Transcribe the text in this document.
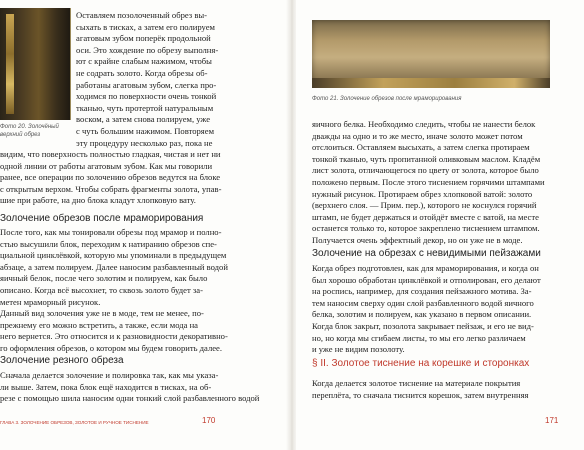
Фото 20. Золочёный
верхний обрез
Оставляем позолоченный обрез вы-
сыхать в тисках, а затем его полируем
агатовым зубом поперёк продольной
оси. Это хождение по обрезу выполня-
ют с крайне слабым нажимом, чтобы
не содрать золото. Когда обрезы об-
работаны агатовым зубом, слегка про-
ходимся по поверхности очень тонкой
тканью, чуть протертой натуральным
воском, а затем снова полируем, уже
с чуть большим нажимом. Повторяем
эту процедуру несколько раз, пока не
видим, что поверхность полностью гладкая, чистая и нет ни
одной линии от работы агатовым зубом. Как мы говорили
ранее, все операции по золочению обрезов ведутся на блоке
с открытым верхом. Чтобы собрать фрагменты золота, упав-
шие при работе, на дно блока кладут хлопковую вату.
Золочение обрезов после мраморирования
После того, как мы тонировали обрезы под мрамор и полно-
стью высушили блок, переходим к натиранию обрезов спе-
циальной цинклёвкой, которую мы упоминали в предыдущем
абзаце, а затем полируем. Далее наносим разбавленный водой
яичный белок, после чего золотим и полируем, как было
описано. Когда всё высохнет, то сквозь золото будет за-
метен мраморный рисунок.
Данный вид золочения уже не в моде, тем не менее, по-
прежнему его можно встретить, а также, если мода на
него вернется. Это относится и к разновидности декоративно-
го оформления обрезов, о котором мы будем говорить далее.
Золочение резного обреза
Сначала делается золочение и полировка так, как мы указа-
ли выше. Затем, пока блок ещё находится в тисках, на об-
резе с помощью шила наносим одни тонкий слой разбавленного водой
ГЛАВА 3. ЗОЛОЧЕНИЕ ОБРЕЗОВ, ЗОЛОТОЕ И РУЧНОЕ ТИСНЕНИЕ	170
Фото 21. Золочение обрезов после мраморирования
яичного белка. Необходимо следить, чтобы не нанести белок
дважды на одно и то же место, иначе золото может потом
отслоиться. Оставляем высыхать, а затем слегка протираем
тонкой тканью, чуть пропитанной оливковым маслом. Кладём
лист золота, отличающегося по цвету от золота, которое было
положено первым. После этого тиснением горячими штампами
нужный рисунок. Протираем обрез хлопковой ватой: золото
(верхнего слоя. — Прим. пер.), которого не коснулся горячий
штамп, не будет держаться и отойдёт вместе с ватой, на месте
останется только то, которое закреплено тиснением штампом.
Получается очень эффектный декор, но он уже не в моде.
Золочение на обрезах с невидимыми пейзажами
Когда обрез подготовлен, как для мраморирования, и когда он
был хорошо обработан цинклёвкой и отполирован, его делают
на роспись, например, для создания пейзажного мотива. За-
тем наносим сверху один слой разбавленного водой яичного
белка, золотим и полируем, как указано в первом описании.
Когда блок закрыт, позолота закрывает пейзаж, и его не вид-
но, но когда мы сгибаем листы, то мы его легко различаем
и уже не видим позолоту.
§ II. Золотое тиснение на корешке и сторонках
Когда делается золотое тиснение на материале покрытия
переплёта, то сначала тиснится корешок, затем внутренняя
171
